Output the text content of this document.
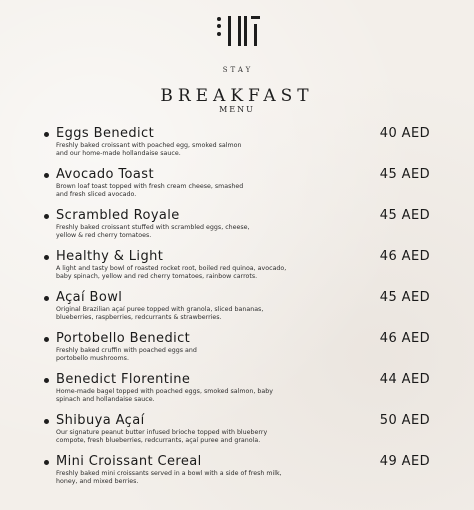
STAY
BREAKFAST
MENU
Eggs Benedict	40 AED
Freshly baked croissant with poached egg, smoked salmon
and our home-made hollandaise sauce.
Avocado Toast	45 AED
Brown loaf toast topped with fresh cream cheese, smashed
and fresh sliced avocado.
Scrambled Royale	45 AED
Freshly baked croissant stuffed with scrambled eggs, cheese,
yellow & red cherry tomatoes.
Healthy & Light	46 AED
A light and tasty bowl of roasted rocket root, boiled red quinoa, avocado,
baby spinach, yellow and red cherry tomatoes, rainbow carrots.
Açaí Bowl	45 AED
Original Brazilian açaí puree topped with granola, sliced bananas,
blueberries, raspberries, redcurrants & strawberries.
Portobello Benedict	46 AED
Freshly baked cruffin with poached eggs and
portobello mushrooms.
Benedict Florentine	44 AED
Home-made bagel topped with poached eggs, smoked salmon, baby
spinach and hollandaise sauce.
Shibuya Açaí	50 AED
Our signature peanut butter infused brioche topped with blueberry
compote, fresh blueberries, redcurrants, açaí puree and granola.
Mini Croissant Cereal	49 AED
Freshly baked mini croissants served in a bowl with a side of fresh milk,
honey, and mixed berries.
